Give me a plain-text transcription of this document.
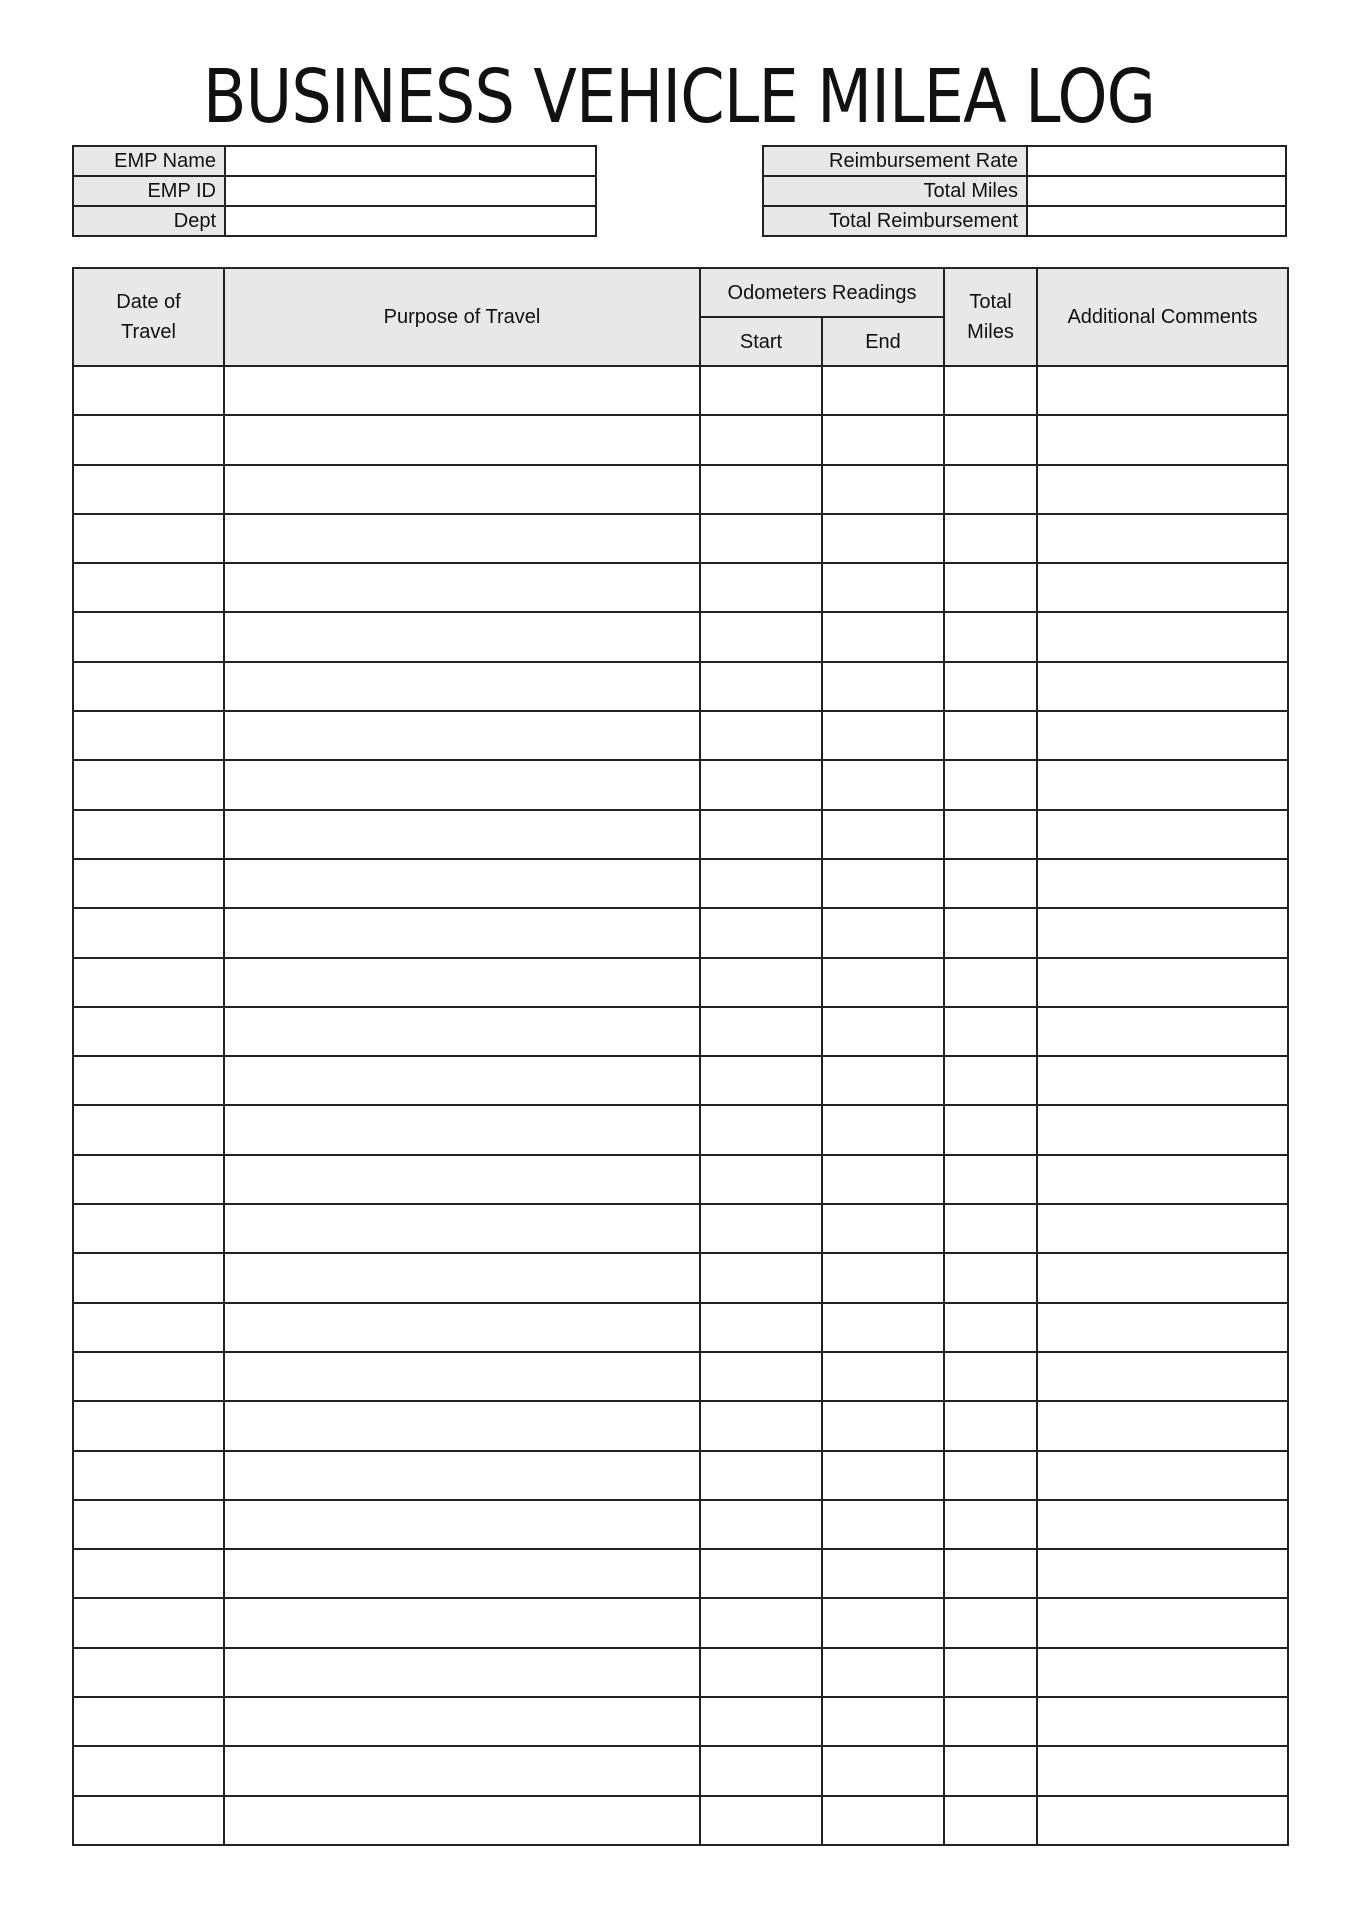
BUSINESS VEHICLE MILEA LOG
EMP Name	
EMP ID	
Dept	
Reimbursement Rate	
Total Miles	
Total Reimbursement	
Date of Travel	Purpose of Travel	Odometers Readings		Total Miles	Additional Comments
		Start	End		
